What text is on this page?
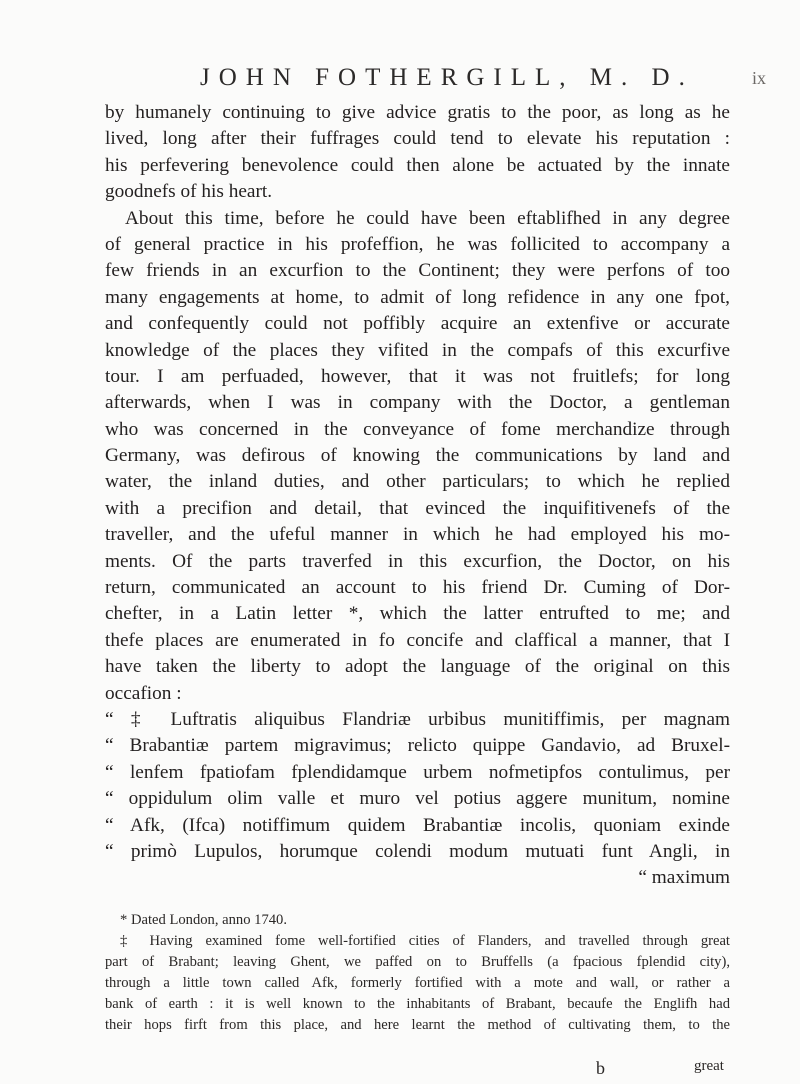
JOHN FOTHERGILL, M. D.	ix
by humanely continuing to give advice gratis to the poor, as long as he
lived, long after their fuffrages could tend to elevate his reputation :
his perfevering benevolence could then alone be actuated by the innate
goodnefs of his heart.
About this time, before he could have been eftablifhed in any degree
of general practice in his profeffion, he was follicited to accompany a
few friends in an excurfion to the Continent; they were perfons of too
many engagements at home, to admit of long refidence in any one fpot,
and confequently could not poffibly acquire an extenfive or accurate
knowledge of the places they vifited in the compafs of this excurfive
tour. I am perfuaded, however, that it was not fruitlefs; for long
afterwards, when I was in company with the Doctor, a gentleman
who was concerned in the conveyance of fome merchandize through
Germany, was defirous of knowing the communications by land and
water, the inland duties, and other particulars; to which he replied
with a precifion and detail, that evinced the inquifitivenefs of the
traveller, and the ufeful manner in which he had employed his mo-
ments. Of the parts traverfed in this excurfion, the Doctor, on his
return, communicated an account to his friend Dr. Cuming of Dor-
chefter, in a Latin letter *, which the latter entrufted to me; and
thefe places are enumerated in fo concife and claffical a manner, that I
have taken the liberty to adopt the language of the original on this
occafion :
“ ‡ Luftratis aliquibus Flandriæ urbibus munitiffimis, per magnam
“ Brabantiæ partem migravimus; relicto quippe Gandavio, ad Bruxel-
“ lenfem fpatiofam fplendidamque urbem nofmetipfos contulimus, per
“ oppidulum olim valle et muro vel potius aggere munitum, nomine
“ Afk, (Ifca) notiffimum quidem Brabantiæ incolis, quoniam exinde
“ primò Lupulos, horumque colendi modum mutuati funt Angli, in
“ maximum
* Dated London, anno 1740.
‡ Having examined fome well-fortified cities of Flanders, and travelled through great
part of Brabant; leaving Ghent, we paffed on to Bruffells (a fpacious fplendid city),
through a little town called Afk, formerly fortified with a mote and wall, or rather a
bank of earth : it is well known to the inhabitants of Brabant, becaufe the Englifh had
their hops firft from this place, and here learnt the method of cultivating them, to the
b	great
